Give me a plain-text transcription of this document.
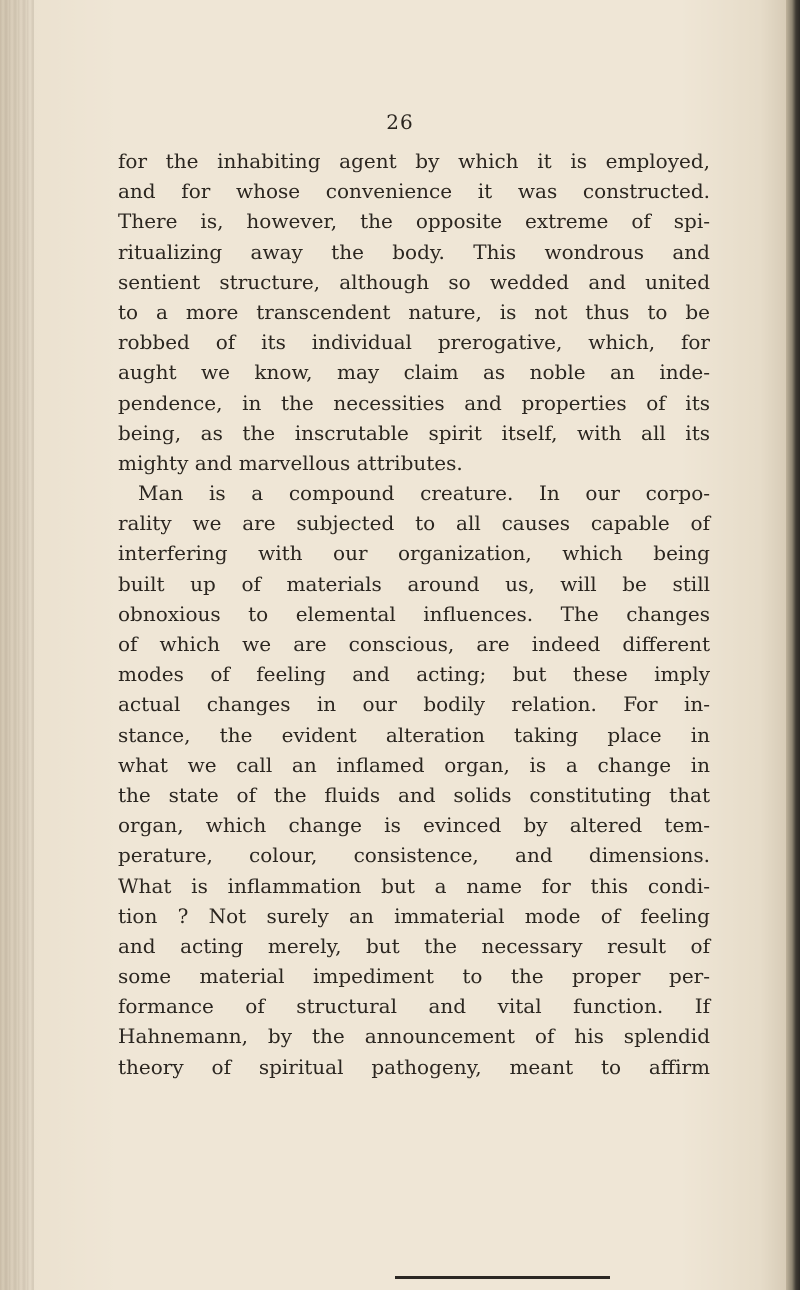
26
for the inhabiting agent by which it is employed,
and for whose convenience it was constructed.
There is, however, the opposite extreme of spi-
ritualizing away the body. This wondrous and
sentient structure, although so wedded and united
to a more transcendent nature, is not thus to be
robbed of its individual prerogative, which, for
aught we know, may claim as noble an inde-
pendence, in the necessities and properties of its
being, as the inscrutable spirit itself, with all its
mighty and marvellous attributes.
Man is a compound creature. In our corpo-
rality we are subjected to all causes capable of
interfering with our organization, which being
built up of materials around us, will be still
obnoxious to elemental influences. The changes
of which we are conscious, are indeed different
modes of feeling and acting; but these imply
actual changes in our bodily relation. For in-
stance, the evident alteration taking place in
what we call an inflamed organ, is a change in
the state of the fluids and solids constituting that
organ, which change is evinced by altered tem-
perature, colour, consistence, and dimensions.
What is inflammation but a name for this condi-
tion ? Not surely an immaterial mode of feeling
and acting merely, but the necessary result of
some material impediment to the proper per-
formance of structural and vital function. If
Hahnemann, by the announcement of his splendid
theory of spiritual pathogeny, meant to affirm
